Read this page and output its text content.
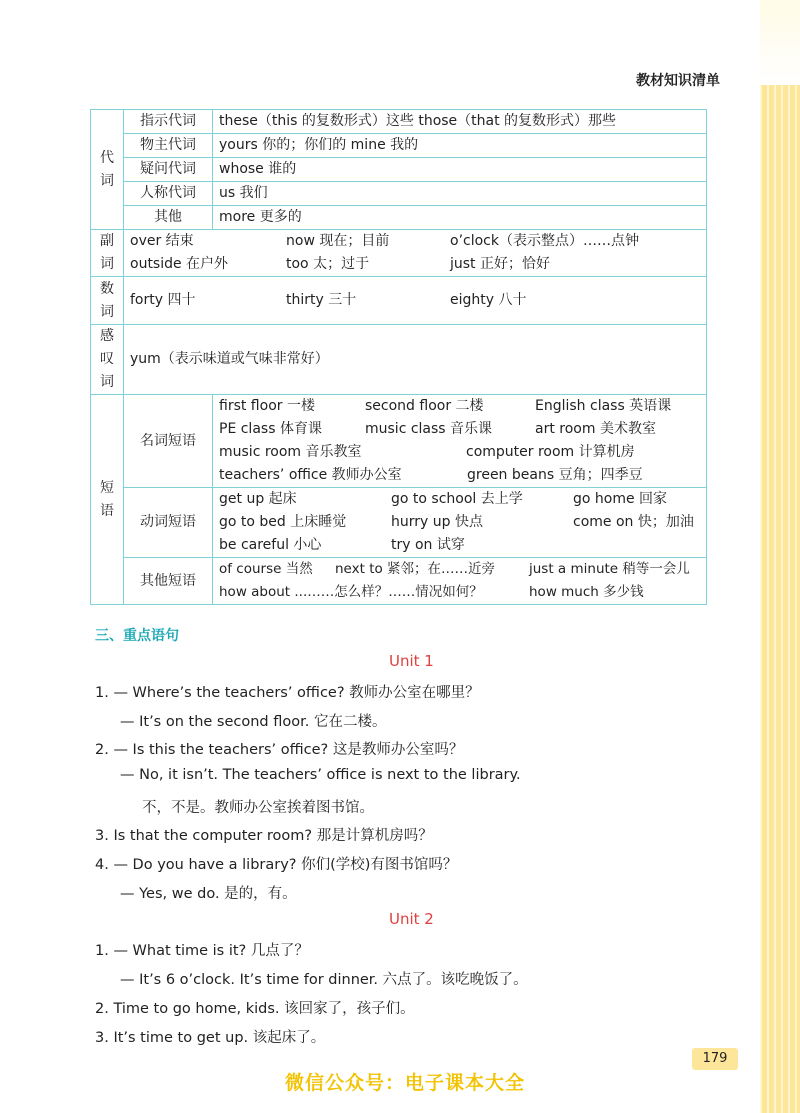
教材知识清单
代词	指示代词	these（this 的复数形式）这些 those（that 的复数形式）那些
	物主代词	yours 你的；你们的 mine 我的
	疑问代词	whose 谁的
	人称代词	us 我们
	其他	more 更多的
副词	over 结束 now 现在；目前 o’clock（表示整点）……点钟
outside 在户外 too 太；过于 just 正好；恰好	

数词	forty 四十 thirty 三十 eighty 八十	
感叹词	yum（表示味道或气味非常好）	
短语	名词短语	first floor 一楼 second floor 二楼 English class 英语课
PE class 体育课 music class 音乐课 art room 美术教室
music room 音乐教室 computer room 计算机房
teachers’ office 教师办公室 green beans 豆角；四季豆

	动词短语	get up 起床 go to school 去上学 go home 回家
go to bed 上床睡觉 hurry up 快点 come on 快；加油
be careful 小心 try on 试穿

	其他短语	of course 当然 next to 紧邻；在……近旁 just a minute 稍等一会儿
how about ...……怎么样？……情况如何？ how much 多少钱
三、重点语句
Unit 1
1. — Where’s the teachers’ office? 教师办公室在哪里？
— It’s on the second floor. 它在二楼。
2. — Is this the teachers’ office? 这是教师办公室吗？
— No, it isn’t. The teachers’ office is next to the library.
不，不是。教师办公室挨着图书馆。
3. Is that the computer room? 那是计算机房吗？
4. — Do you have a library? 你们(学校)有图书馆吗？
— Yes, we do. 是的，有。
Unit 2
1. — What time is it? 几点了？
— It’s 6 o’clock. It’s time for dinner. 六点了。该吃晚饭了。
2. Time to go home, kids. 该回家了，孩子们。
3. It’s time to get up. 该起床了。
179
微信公众号：电子课本大全
